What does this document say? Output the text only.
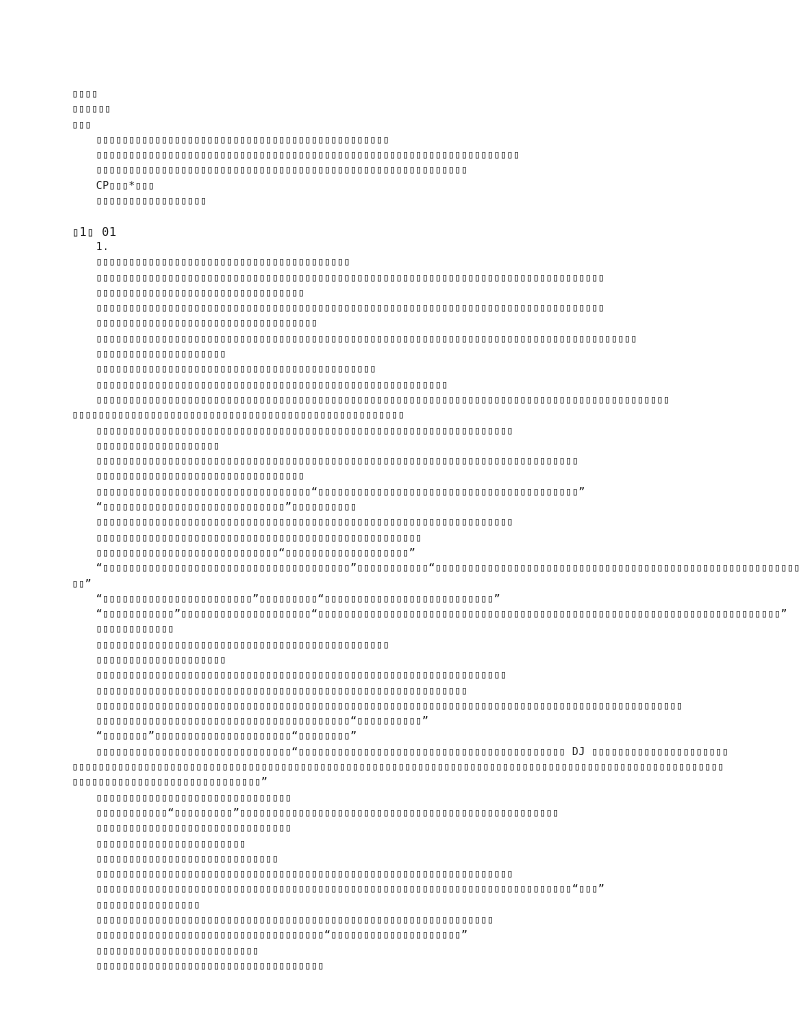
▯▯▯▯
▯▯▯▯▯▯
▯▯▯
▯▯▯▯▯▯▯▯▯▯▯▯▯▯▯▯▯▯▯▯▯▯▯▯▯▯▯▯▯▯▯▯▯▯▯▯▯▯▯▯▯▯▯▯▯
▯▯▯▯▯▯▯▯▯▯▯▯▯▯▯▯▯▯▯▯▯▯▯▯▯▯▯▯▯▯▯▯▯▯▯▯▯▯▯▯▯▯▯▯▯▯▯▯▯▯▯▯▯▯▯▯▯▯▯▯▯▯▯▯▯
▯▯▯▯▯▯▯▯▯▯▯▯▯▯▯▯▯▯▯▯▯▯▯▯▯▯▯▯▯▯▯▯▯▯▯▯▯▯▯▯▯▯▯▯▯▯▯▯▯▯▯▯▯▯▯▯▯
CP▯▯▯*▯▯▯
▯▯▯▯▯▯▯▯▯▯▯▯▯▯▯▯▯
▯1▯ 01
1.
▯▯▯▯▯▯▯▯▯▯▯▯▯▯▯▯▯▯▯▯▯▯▯▯▯▯▯▯▯▯▯▯▯▯▯▯▯▯▯
▯▯▯▯▯▯▯▯▯▯▯▯▯▯▯▯▯▯▯▯▯▯▯▯▯▯▯▯▯▯▯▯▯▯▯▯▯▯▯▯▯▯▯▯▯▯▯▯▯▯▯▯▯▯▯▯▯▯▯▯▯▯▯▯▯▯▯▯▯▯▯▯▯▯▯▯▯▯
▯▯▯▯▯▯▯▯▯▯▯▯▯▯▯▯▯▯▯▯▯▯▯▯▯▯▯▯▯▯▯▯
▯▯▯▯▯▯▯▯▯▯▯▯▯▯▯▯▯▯▯▯▯▯▯▯▯▯▯▯▯▯▯▯▯▯▯▯▯▯▯▯▯▯▯▯▯▯▯▯▯▯▯▯▯▯▯▯▯▯▯▯▯▯▯▯▯▯▯▯▯▯▯▯▯▯▯▯▯▯
▯▯▯▯▯▯▯▯▯▯▯▯▯▯▯▯▯▯▯▯▯▯▯▯▯▯▯▯▯▯▯▯▯▯
▯▯▯▯▯▯▯▯▯▯▯▯▯▯▯▯▯▯▯▯▯▯▯▯▯▯▯▯▯▯▯▯▯▯▯▯▯▯▯▯▯▯▯▯▯▯▯▯▯▯▯▯▯▯▯▯▯▯▯▯▯▯▯▯▯▯▯▯▯▯▯▯▯▯▯▯▯▯▯▯▯▯▯
▯▯▯▯▯▯▯▯▯▯▯▯▯▯▯▯▯▯▯▯
▯▯▯▯▯▯▯▯▯▯▯▯▯▯▯▯▯▯▯▯▯▯▯▯▯▯▯▯▯▯▯▯▯▯▯▯▯▯▯▯▯▯▯
▯▯▯▯▯▯▯▯▯▯▯▯▯▯▯▯▯▯▯▯▯▯▯▯▯▯▯▯▯▯▯▯▯▯▯▯▯▯▯▯▯▯▯▯▯▯▯▯▯▯▯▯▯▯
▯▯▯▯▯▯▯▯▯▯▯▯▯▯▯▯▯▯▯▯▯▯▯▯▯▯▯▯▯▯▯▯▯▯▯▯▯▯▯▯▯▯▯▯▯▯▯▯▯▯▯▯▯▯▯▯▯▯▯▯▯▯▯▯▯▯▯▯▯▯▯▯▯▯▯▯▯▯▯▯▯▯▯▯▯▯▯▯
▯▯▯▯▯▯▯▯▯▯▯▯▯▯▯▯▯▯▯▯▯▯▯▯▯▯▯▯▯▯▯▯▯▯▯▯▯▯▯▯▯▯▯▯▯▯▯▯▯▯▯
▯▯▯▯▯▯▯▯▯▯▯▯▯▯▯▯▯▯▯▯▯▯▯▯▯▯▯▯▯▯▯▯▯▯▯▯▯▯▯▯▯▯▯▯▯▯▯▯▯▯▯▯▯▯▯▯▯▯▯▯▯▯▯▯
▯▯▯▯▯▯▯▯▯▯▯▯▯▯▯▯▯▯▯
▯▯▯▯▯▯▯▯▯▯▯▯▯▯▯▯▯▯▯▯▯▯▯▯▯▯▯▯▯▯▯▯▯▯▯▯▯▯▯▯▯▯▯▯▯▯▯▯▯▯▯▯▯▯▯▯▯▯▯▯▯▯▯▯▯▯▯▯▯▯▯▯▯▯
▯▯▯▯▯▯▯▯▯▯▯▯▯▯▯▯▯▯▯▯▯▯▯▯▯▯▯▯▯▯▯▯
▯▯▯▯▯▯▯▯▯▯▯▯▯▯▯▯▯▯▯▯▯▯▯▯▯▯▯▯▯▯▯▯▯“▯▯▯▯▯▯▯▯▯▯▯▯▯▯▯▯▯▯▯▯▯▯▯▯▯▯▯▯▯▯▯▯▯▯▯▯▯▯▯▯”
“▯▯▯▯▯▯▯▯▯▯▯▯▯▯▯▯▯▯▯▯▯▯▯▯▯▯▯▯”▯▯▯▯▯▯▯▯▯▯
▯▯▯▯▯▯▯▯▯▯▯▯▯▯▯▯▯▯▯▯▯▯▯▯▯▯▯▯▯▯▯▯▯▯▯▯▯▯▯▯▯▯▯▯▯▯▯▯▯▯▯▯▯▯▯▯▯▯▯▯▯▯▯▯
▯▯▯▯▯▯▯▯▯▯▯▯▯▯▯▯▯▯▯▯▯▯▯▯▯▯▯▯▯▯▯▯▯▯▯▯▯▯▯▯▯▯▯▯▯▯▯▯▯▯
▯▯▯▯▯▯▯▯▯▯▯▯▯▯▯▯▯▯▯▯▯▯▯▯▯▯▯▯“▯▯▯▯▯▯▯▯▯▯▯▯▯▯▯▯▯▯▯”
“▯▯▯▯▯▯▯▯▯▯▯▯▯▯▯▯▯▯▯▯▯▯▯▯▯▯▯▯▯▯▯▯▯▯▯▯▯▯”▯▯▯▯▯▯▯▯▯▯▯“▯▯▯▯▯▯▯▯▯▯▯▯▯▯▯▯▯▯▯▯▯▯▯▯▯▯▯▯▯▯▯▯▯▯▯▯▯▯▯▯▯▯▯▯▯▯▯▯▯▯▯▯▯▯▯▯
▯▯”
“▯▯▯▯▯▯▯▯▯▯▯▯▯▯▯▯▯▯▯▯▯▯▯”▯▯▯▯▯▯▯▯▯“▯▯▯▯▯▯▯▯▯▯▯▯▯▯▯▯▯▯▯▯▯▯▯▯▯▯”
“▯▯▯▯▯▯▯▯▯▯▯”▯▯▯▯▯▯▯▯▯▯▯▯▯▯▯▯▯▯▯▯“▯▯▯▯▯▯▯▯▯▯▯▯▯▯▯▯▯▯▯▯▯▯▯▯▯▯▯▯▯▯▯▯▯▯▯▯▯▯▯▯▯▯▯▯▯▯▯▯▯▯▯▯▯▯▯▯▯▯▯▯▯▯▯▯▯▯▯▯▯▯▯”
▯▯▯▯▯▯▯▯▯▯▯▯
▯▯▯▯▯▯▯▯▯▯▯▯▯▯▯▯▯▯▯▯▯▯▯▯▯▯▯▯▯▯▯▯▯▯▯▯▯▯▯▯▯▯▯▯▯
▯▯▯▯▯▯▯▯▯▯▯▯▯▯▯▯▯▯▯▯
▯▯▯▯▯▯▯▯▯▯▯▯▯▯▯▯▯▯▯▯▯▯▯▯▯▯▯▯▯▯▯▯▯▯▯▯▯▯▯▯▯▯▯▯▯▯▯▯▯▯▯▯▯▯▯▯▯▯▯▯▯▯▯
▯▯▯▯▯▯▯▯▯▯▯▯▯▯▯▯▯▯▯▯▯▯▯▯▯▯▯▯▯▯▯▯▯▯▯▯▯▯▯▯▯▯▯▯▯▯▯▯▯▯▯▯▯▯▯▯▯
▯▯▯▯▯▯▯▯▯▯▯▯▯▯▯▯▯▯▯▯▯▯▯▯▯▯▯▯▯▯▯▯▯▯▯▯▯▯▯▯▯▯▯▯▯▯▯▯▯▯▯▯▯▯▯▯▯▯▯▯▯▯▯▯▯▯▯▯▯▯▯▯▯▯▯▯▯▯▯▯▯▯▯▯▯▯▯▯▯▯
▯▯▯▯▯▯▯▯▯▯▯▯▯▯▯▯▯▯▯▯▯▯▯▯▯▯▯▯▯▯▯▯▯▯▯▯▯▯▯“▯▯▯▯▯▯▯▯▯▯”
“▯▯▯▯▯▯▯”▯▯▯▯▯▯▯▯▯▯▯▯▯▯▯▯▯▯▯▯▯“▯▯▯▯▯▯▯▯”
▯▯▯▯▯▯▯▯▯▯▯▯▯▯▯▯▯▯▯▯▯▯▯▯▯▯▯▯▯▯“▯▯▯▯▯▯▯▯▯▯▯▯▯▯▯▯▯▯▯▯▯▯▯▯▯▯▯▯▯▯▯▯▯▯▯▯▯▯▯▯▯ DJ ▯▯▯▯▯▯▯▯▯▯▯▯▯▯▯▯▯▯▯▯▯
▯▯▯▯▯▯▯▯▯▯▯▯▯▯▯▯▯▯▯▯▯▯▯▯▯▯▯▯▯▯▯▯▯▯▯▯▯▯▯▯▯▯▯▯▯▯▯▯▯▯▯▯▯▯▯▯▯▯▯▯▯▯▯▯▯▯▯▯▯▯▯▯▯▯▯▯▯▯▯▯▯▯▯▯▯▯▯▯▯▯▯▯▯▯▯▯▯▯▯▯
▯▯▯▯▯▯▯▯▯▯▯▯▯▯▯▯▯▯▯▯▯▯▯▯▯▯▯▯▯”
▯▯▯▯▯▯▯▯▯▯▯▯▯▯▯▯▯▯▯▯▯▯▯▯▯▯▯▯▯▯
▯▯▯▯▯▯▯▯▯▯▯“▯▯▯▯▯▯▯▯▯”▯▯▯▯▯▯▯▯▯▯▯▯▯▯▯▯▯▯▯▯▯▯▯▯▯▯▯▯▯▯▯▯▯▯▯▯▯▯▯▯▯▯▯▯▯▯▯▯▯
▯▯▯▯▯▯▯▯▯▯▯▯▯▯▯▯▯▯▯▯▯▯▯▯▯▯▯▯▯▯
▯▯▯▯▯▯▯▯▯▯▯▯▯▯▯▯▯▯▯▯▯▯▯
▯▯▯▯▯▯▯▯▯▯▯▯▯▯▯▯▯▯▯▯▯▯▯▯▯▯▯▯
▯▯▯▯▯▯▯▯▯▯▯▯▯▯▯▯▯▯▯▯▯▯▯▯▯▯▯▯▯▯▯▯▯▯▯▯▯▯▯▯▯▯▯▯▯▯▯▯▯▯▯▯▯▯▯▯▯▯▯▯▯▯▯▯
▯▯▯▯▯▯▯▯▯▯▯▯▯▯▯▯▯▯▯▯▯▯▯▯▯▯▯▯▯▯▯▯▯▯▯▯▯▯▯▯▯▯▯▯▯▯▯▯▯▯▯▯▯▯▯▯▯▯▯▯▯▯▯▯▯▯▯▯▯▯▯▯▯“▯▯▯”
▯▯▯▯▯▯▯▯▯▯▯▯▯▯▯▯
▯▯▯▯▯▯▯▯▯▯▯▯▯▯▯▯▯▯▯▯▯▯▯▯▯▯▯▯▯▯▯▯▯▯▯▯▯▯▯▯▯▯▯▯▯▯▯▯▯▯▯▯▯▯▯▯▯▯▯▯▯
▯▯▯▯▯▯▯▯▯▯▯▯▯▯▯▯▯▯▯▯▯▯▯▯▯▯▯▯▯▯▯▯▯▯▯“▯▯▯▯▯▯▯▯▯▯▯▯▯▯▯▯▯▯▯▯”
▯▯▯▯▯▯▯▯▯▯▯▯▯▯▯▯▯▯▯▯▯▯▯▯▯
▯▯▯▯▯▯▯▯▯▯▯▯▯▯▯▯▯▯▯▯▯▯▯▯▯▯▯▯▯▯▯▯▯▯▯
